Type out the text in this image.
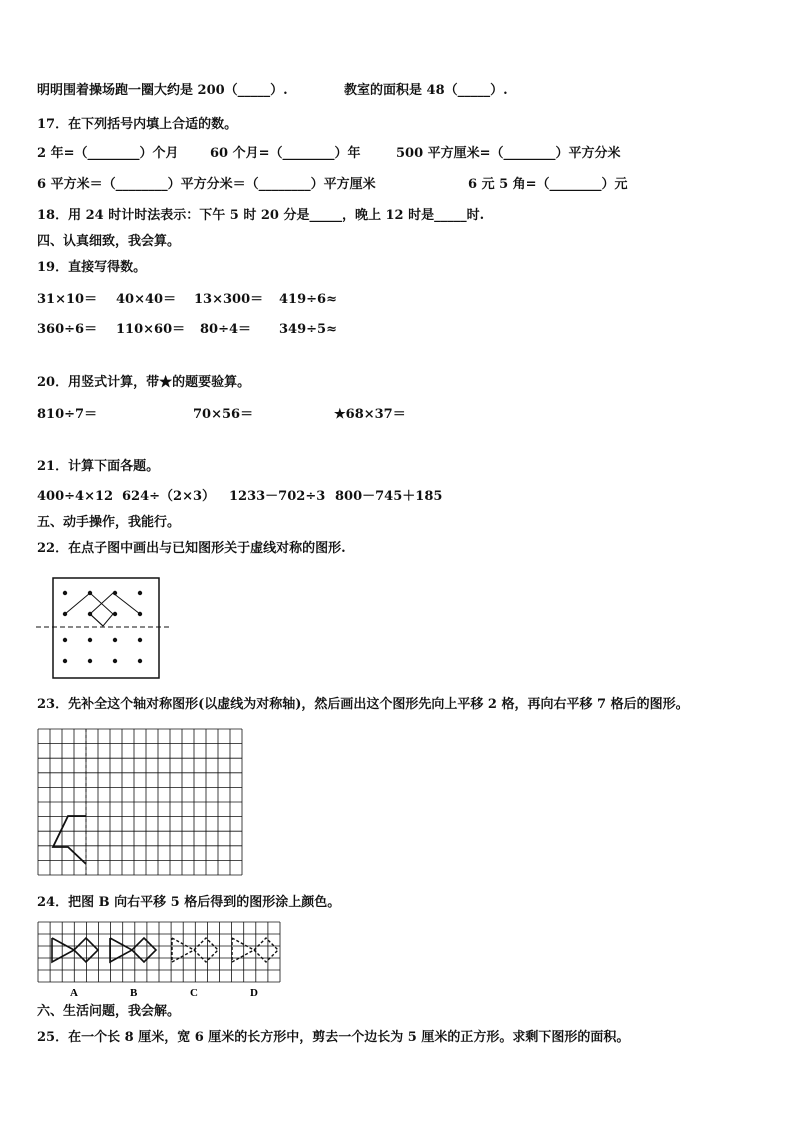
明明围着操场跑一圈大约是 200（_____）.	教室的面积是 48（_____）.
17．在下列括号内填上合适的数。
2 年=（________）个月 60 个月=（________）年	500 平方厘米=（________）平方分米
6 平方米＝（________）平方分米＝（________）平方厘米	6 元 5 角=（________）元
18．用 24 时计时法表示：下午 5 时 20 分是_____，晚上 12 时是_____时.
四、认真细致，我会算。
19．直接写得数。
31×10＝ 40×40＝ 13×300＝ 419÷6≈
360÷6＝ 110×60＝ 80÷4＝ 349÷5≈
20．用竖式计算，带★的题要验算。
810÷7＝	70×56＝	★68×37＝
21．计算下面各题。
400÷4×12 624÷（2×3） 1233－702÷3 800－745＋185
五、动手操作，我能行。
22．在点子图中画出与已知图形关于虚线对称的图形.
23．先补全这个轴对称图形(以虚线为对称轴)，然后画出这个图形先向上平移 2 格，再向右平移 7 格后的图形。
24．把图 B 向右平移 5 格后得到的图形涂上颜色。
A	B	C	D
六、生活问题，我会解。
25．在一个长 8 厘米，宽 6 厘米的长方形中，剪去一个边长为 5 厘米的正方形。求剩下图形的面积。
